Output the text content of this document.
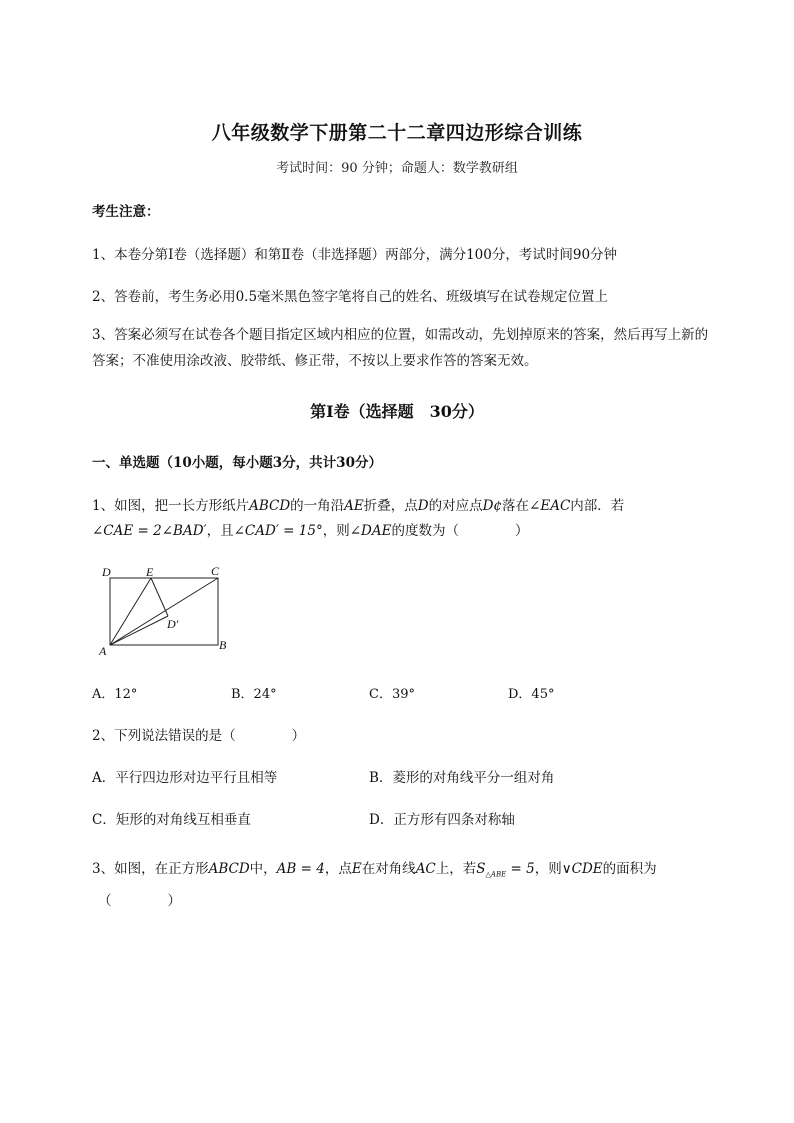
八年级数学下册第二十二章四边形综合训练
考试时间：90 分钟；命题人：数学教研组
考生注意：
1、本卷分第Ⅰ卷（选择题）和第Ⅱ卷（非选择题）两部分，满分100分，考试时间90分钟
2、答卷前，考生务必用0.5毫米黑色签字笔将自己的姓名、班级填写在试卷规定位置上
3、答案必须写在试卷各个题目指定区域内相应的位置，如需改动，先划掉原来的答案，然后再写上新的答案；不准使用涂改液、胶带纸、修正带，不按以上要求作答的答案无效。
第Ⅰ卷（选择题　30分）
一、单选题（10小题，每小题3分，共计30分）
1、如图，把一长方形纸片ABCD的一角沿AE折叠，点D的对应点D¢落在∠EAC内部．若
∠CAE = 2∠BAD′，且∠CAD′ = 15°，则∠DAE的度数为（	）
D	E	C
D′
A	B
A．12°	B．24°	C．39°	D．45°
2、下列说法错误的是（	）
A．平行四边形对边平行且相等	B．菱形的对角线平分一组对角
C．矩形的对角线互相垂直	D．正方形有四条对称轴
3、如图，在正方形ABCD中，AB = 4，点E在对角线AC上，若$S_{\triangle ABE} = 5$，则∨CDE的面积为
（	）
